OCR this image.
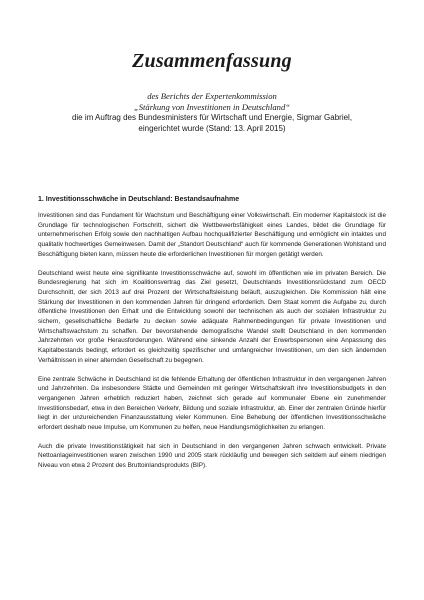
Zusammenfassung
des Berichts der Expertenkommission
„Stärkung von Investitionen in Deutschland“
die im Auftrag des Bundesministers für Wirtschaft und Energie, Sigmar Gabriel,
eingerichtet wurde (Stand: 13. April 2015)
1. Investitionsschwäche in Deutschland: Bestandsaufnahme

Investitionen sind das Fundament für Wachstum und Beschäftigung einer Volkswirtschaft. Ein moderner Kapitalstock ist die Grundlage für technologischen Fortschritt, sichert die Wettbewerbsfähigkeit eines Landes, bildet die Grundlage für unternehmerischen Erfolg sowie den nachhaltigen Aufbau hochqualifizierter Beschäftigung und ermöglicht ein intaktes und qualitativ hochwertiges Gemeinwesen. Damit der „Standort Deutschland“ auch für kommende Generationen Wohlstand und Beschäftigung bieten kann, müssen heute die erforderlichen Investitionen für morgen getätigt werden.

Deutschland weist heute eine signifikante Investitionsschwäche auf, sowohl im öffentlichen wie im privaten Bereich. Die Bundesregierung hat sich im Koalitionsvertrag das Ziel gesetzt, Deutschlands Investitionsrückstand zum OECD Durchschnitt, der sich 2013 auf drei Prozent der Wirtschaftsleistung beläuft, auszugleichen. Die Kommission hält eine Stärkung der Investitionen in den kommenden Jahren für dringend erforderlich. Dem Staat kommt die Aufgabe zu, durch öffentliche Investitionen den Erhalt und die Entwicklung sowohl der technischen als auch der sozialen Infrastruktur zu sichern, gesellschaftliche Bedarfe zu decken sowie adäquate Rahmenbedingungen für private Investitionen und Wirtschaftswachstum zu schaffen. Der bevorstehende demografische Wandel stellt Deutschland in den kommenden Jahrzehnten vor große Herausforderungen. Während eine sinkende Anzahl der Erwerbspersonen eine Anpassung des Kapitalbestands bedingt, erfordert es gleichzeitig spezifischer und umfangreicher Investitionen, um den sich ändernden Verhältnissen in einer alternden Gesellschaft zu begegnen.

Eine zentrale Schwäche in Deutschland ist die fehlende Erhaltung der öffentlichen Infrastruktur in den vergangenen Jahren und Jahrzehnten. Da insbesondere Städte und Gemeinden mit geringer Wirtschaftskraft ihre Investitionsbudgets in den vergangenen Jahren erheblich reduziert haben, zeichnet sich gerade auf kommunaler Ebene ein zunehmender Investitionsbedarf, etwa in den Bereichen Verkehr, Bildung und soziale Infrastruktur, ab. Einer der zentralen Gründe hierfür liegt in der unzureichenden Finanzausstattung vieler Kommunen. Eine Behebung der öffentlichen Investitionsschwäche erfordert deshalb neue Impulse, um Kommunen zu helfen, neue Handlungsmöglichkeiten zu erlangen.

Auch die private Investitionstätigkeit hat sich in Deutschland in den vergangenen Jahren schwach entwickelt. Private Nettoanlageinvestitionen waren zwischen 1990 und 2005 stark rückläufig und bewegen sich seitdem auf einem niedrigen Niveau von etwa 2 Prozent des Bruttoinlandsprodukts (BIP).
